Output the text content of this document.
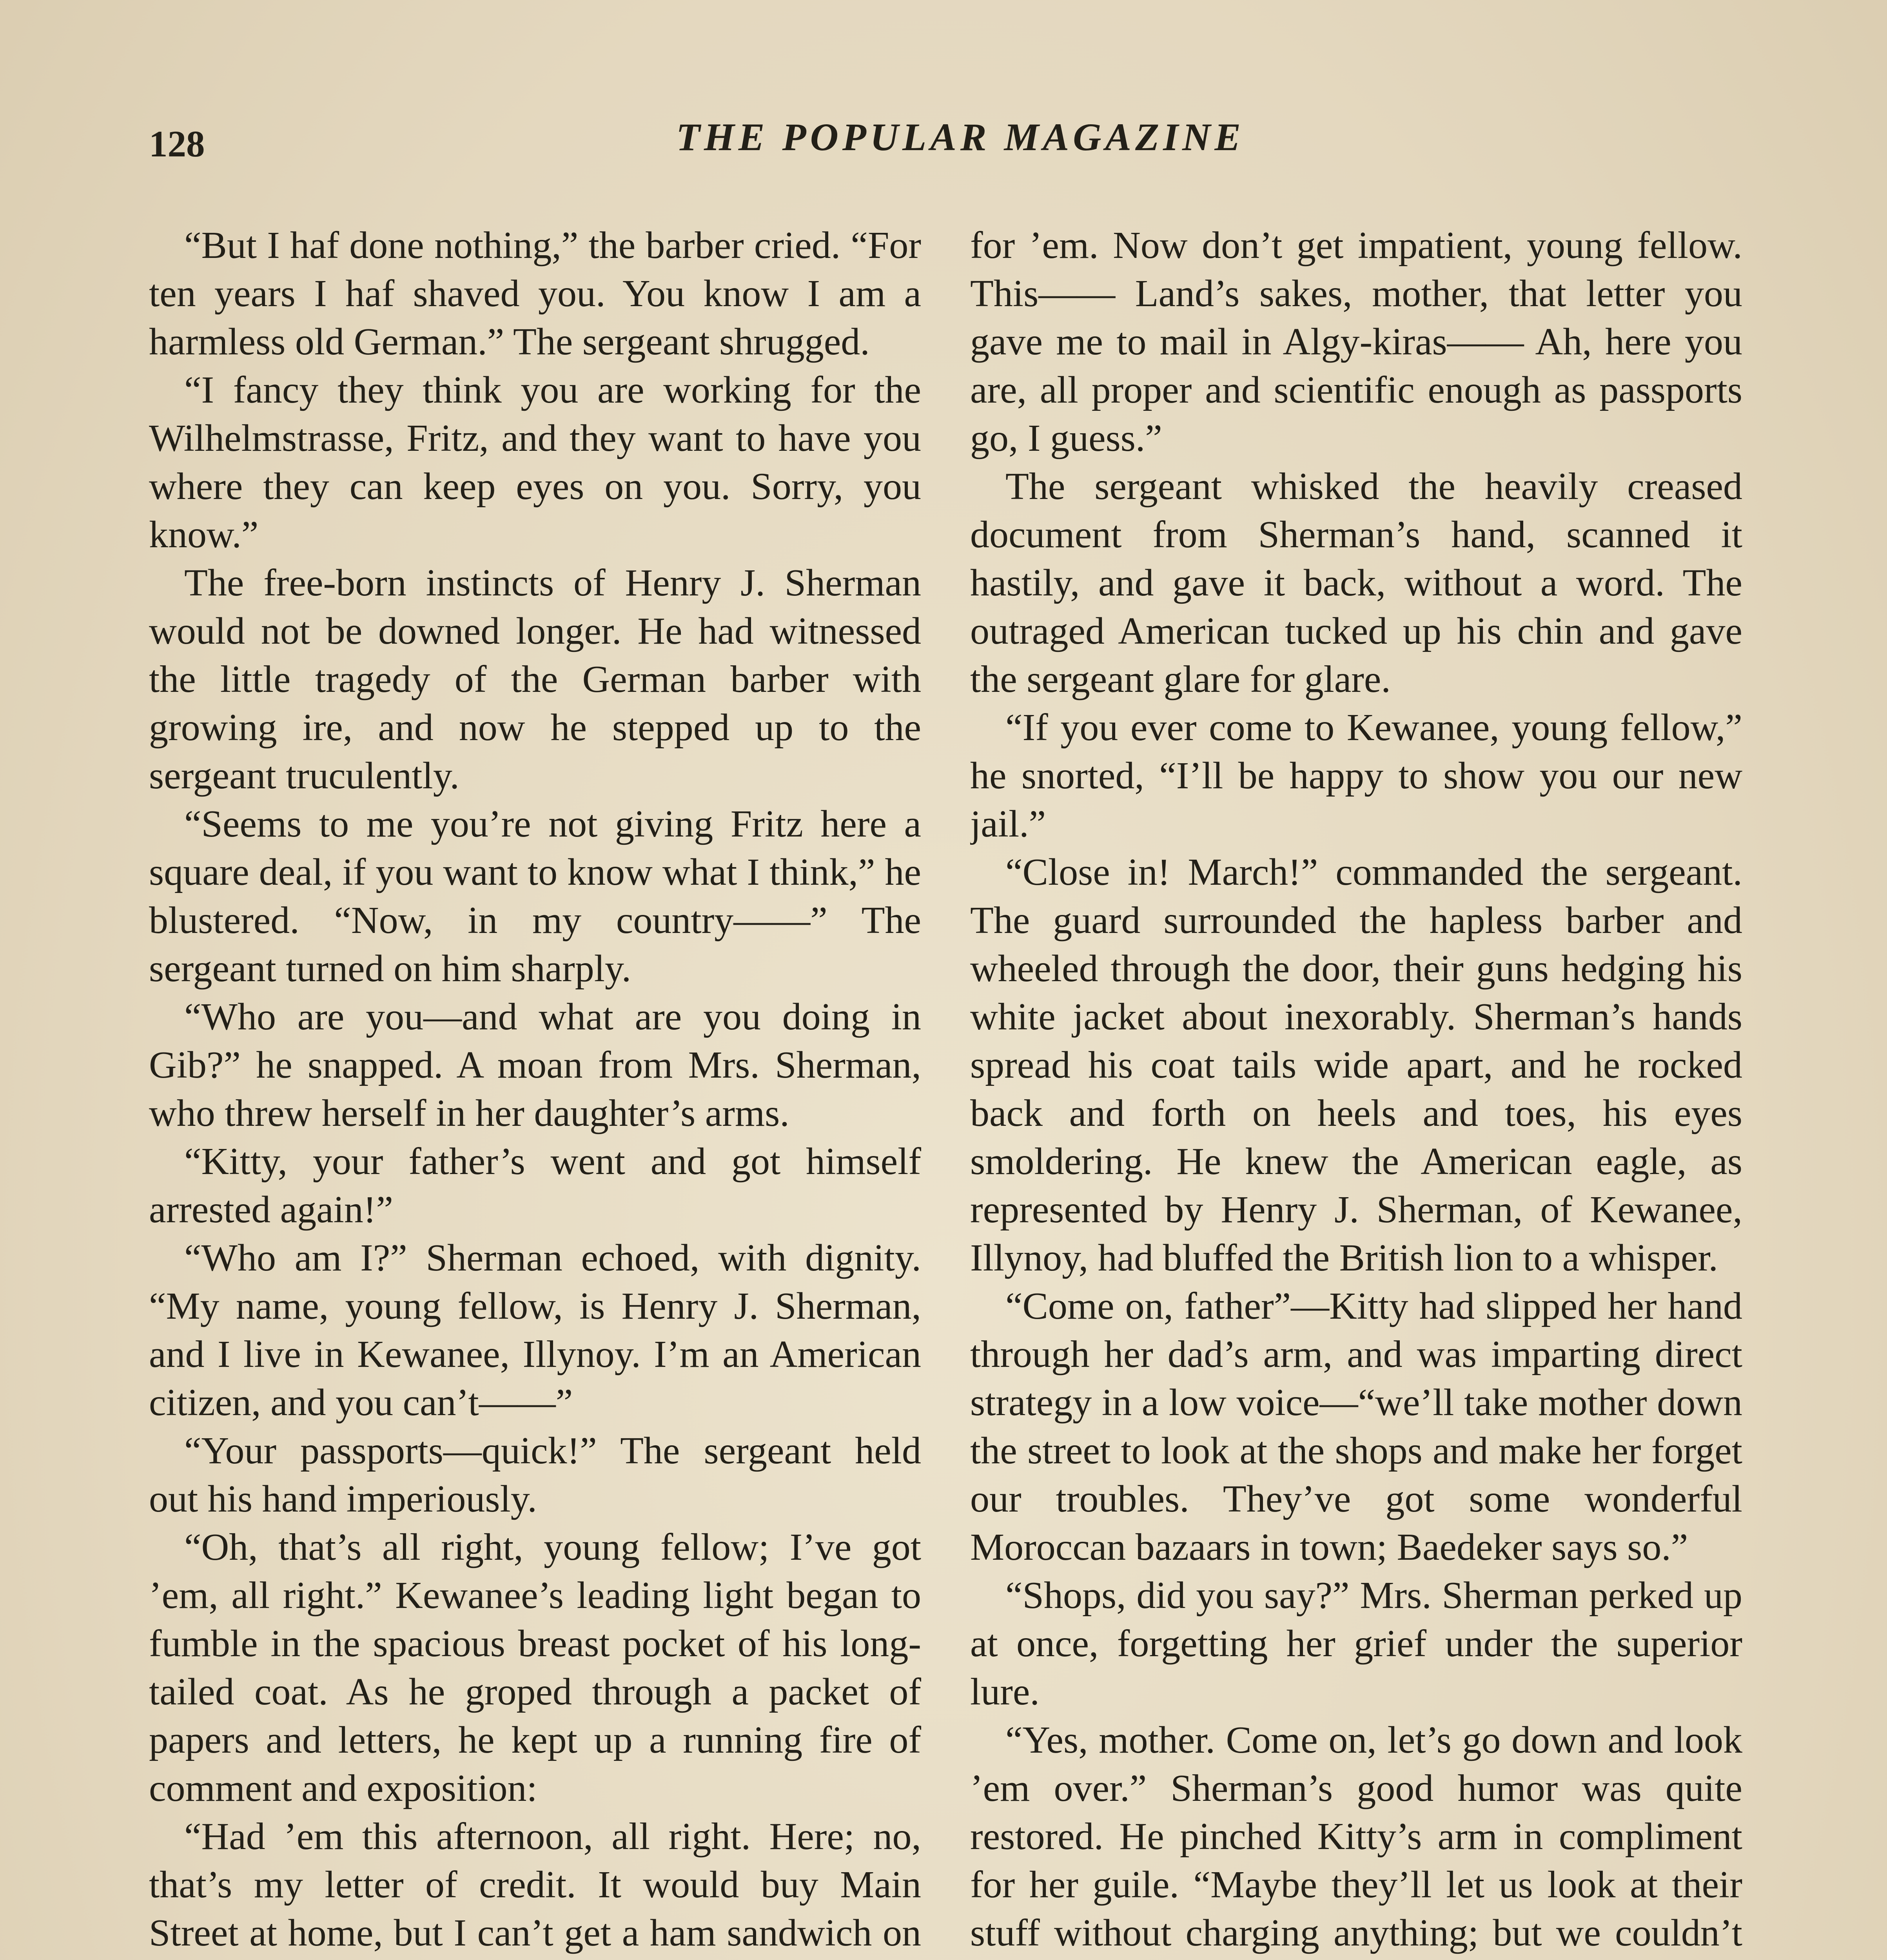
128	THE POPULAR MAGAZINE

“But I haf done nothing,” the barber cried. “For ten years I haf shaved you. You know I am a harmless old German.” The sergeant shrugged.

“I fancy they think you are working for the Wilhelmstrasse, Fritz, and they want to have you where they can keep eyes on you. Sorry, you know.”

The free-born instincts of Henry J. Sherman would not be downed longer. He had witnessed the little tragedy of the German barber with growing ire, and now he stepped up to the sergeant truculently.

“Seems to me you’re not giving Fritz here a square deal, if you want to know what I think,” he blustered. “Now, in my country——” The sergeant turned on him sharply.

“Who are you—and what are you doing in Gib?” he snapped. A moan from Mrs. Sherman, who threw herself in her daughter’s arms.

“Kitty, your father’s went and got himself arrested again!”

“Who am I?” Sherman echoed, with dignity. “My name, young fellow, is Henry J. Sherman, and I live in Kewanee, Illynoy. I’m an American citizen, and you can’t——”

“Your passports—quick!” The sergeant held out his hand imperiously.

“Oh, that’s all right, young fellow; I’ve got ’em, all right.” Kewanee’s leading light began to fumble in the spacious breast pocket of his long-tailed coat. As he groped through a packet of papers and letters, he kept up a running fire of comment and exposition:

“Had ’em this afternoon, all right. Here; no, that’s my letter of credit. It would buy Main Street at home, but I can’t get a ham sandwich on

for ’em. Now don’t get impatient, young fellow. This—— Land’s sakes, mother, that letter you gave me to mail in Algy-kiras—— Ah, here you are, all proper and scientific enough as passports go, I guess.”

The sergeant whisked the heavily creased document from Sherman’s hand, scanned it hastily, and gave it back, without a word. The outraged American tucked up his chin and gave the sergeant glare for glare.

“If you ever come to Kewanee, young fellow,” he snorted, “I’ll be happy to show you our new jail.”

“Close in! March!” commanded the sergeant. The guard surrounded the hapless barber and wheeled through the door, their guns hedging his white jacket about inexorably. Sherman’s hands spread his coat tails wide apart, and he rocked back and forth on heels and toes, his eyes smoldering. He knew the American eagle, as represented by Henry J. Sherman, of Kewanee, Illynoy, had bluffed the British lion to a whisper.

“Come on, father”—Kitty had slipped her hand through her dad’s arm, and was imparting direct strategy in a low voice—“we’ll take mother down the street to look at the shops and make her forget our troubles. They’ve got some wonderful Moroccan bazaars in town; Baedeker says so.”

“Shops, did you say?” Mrs. Sherman perked up at once, forgetting her grief under the superior lure.

“Yes, mother. Come on, let’s go down and look ’em over.” Sherman’s good humor was quite restored. He pinched Kitty’s arm in compliment for her guile. “Maybe they’ll let us look at their stuff without charging anything; but we couldn’t
